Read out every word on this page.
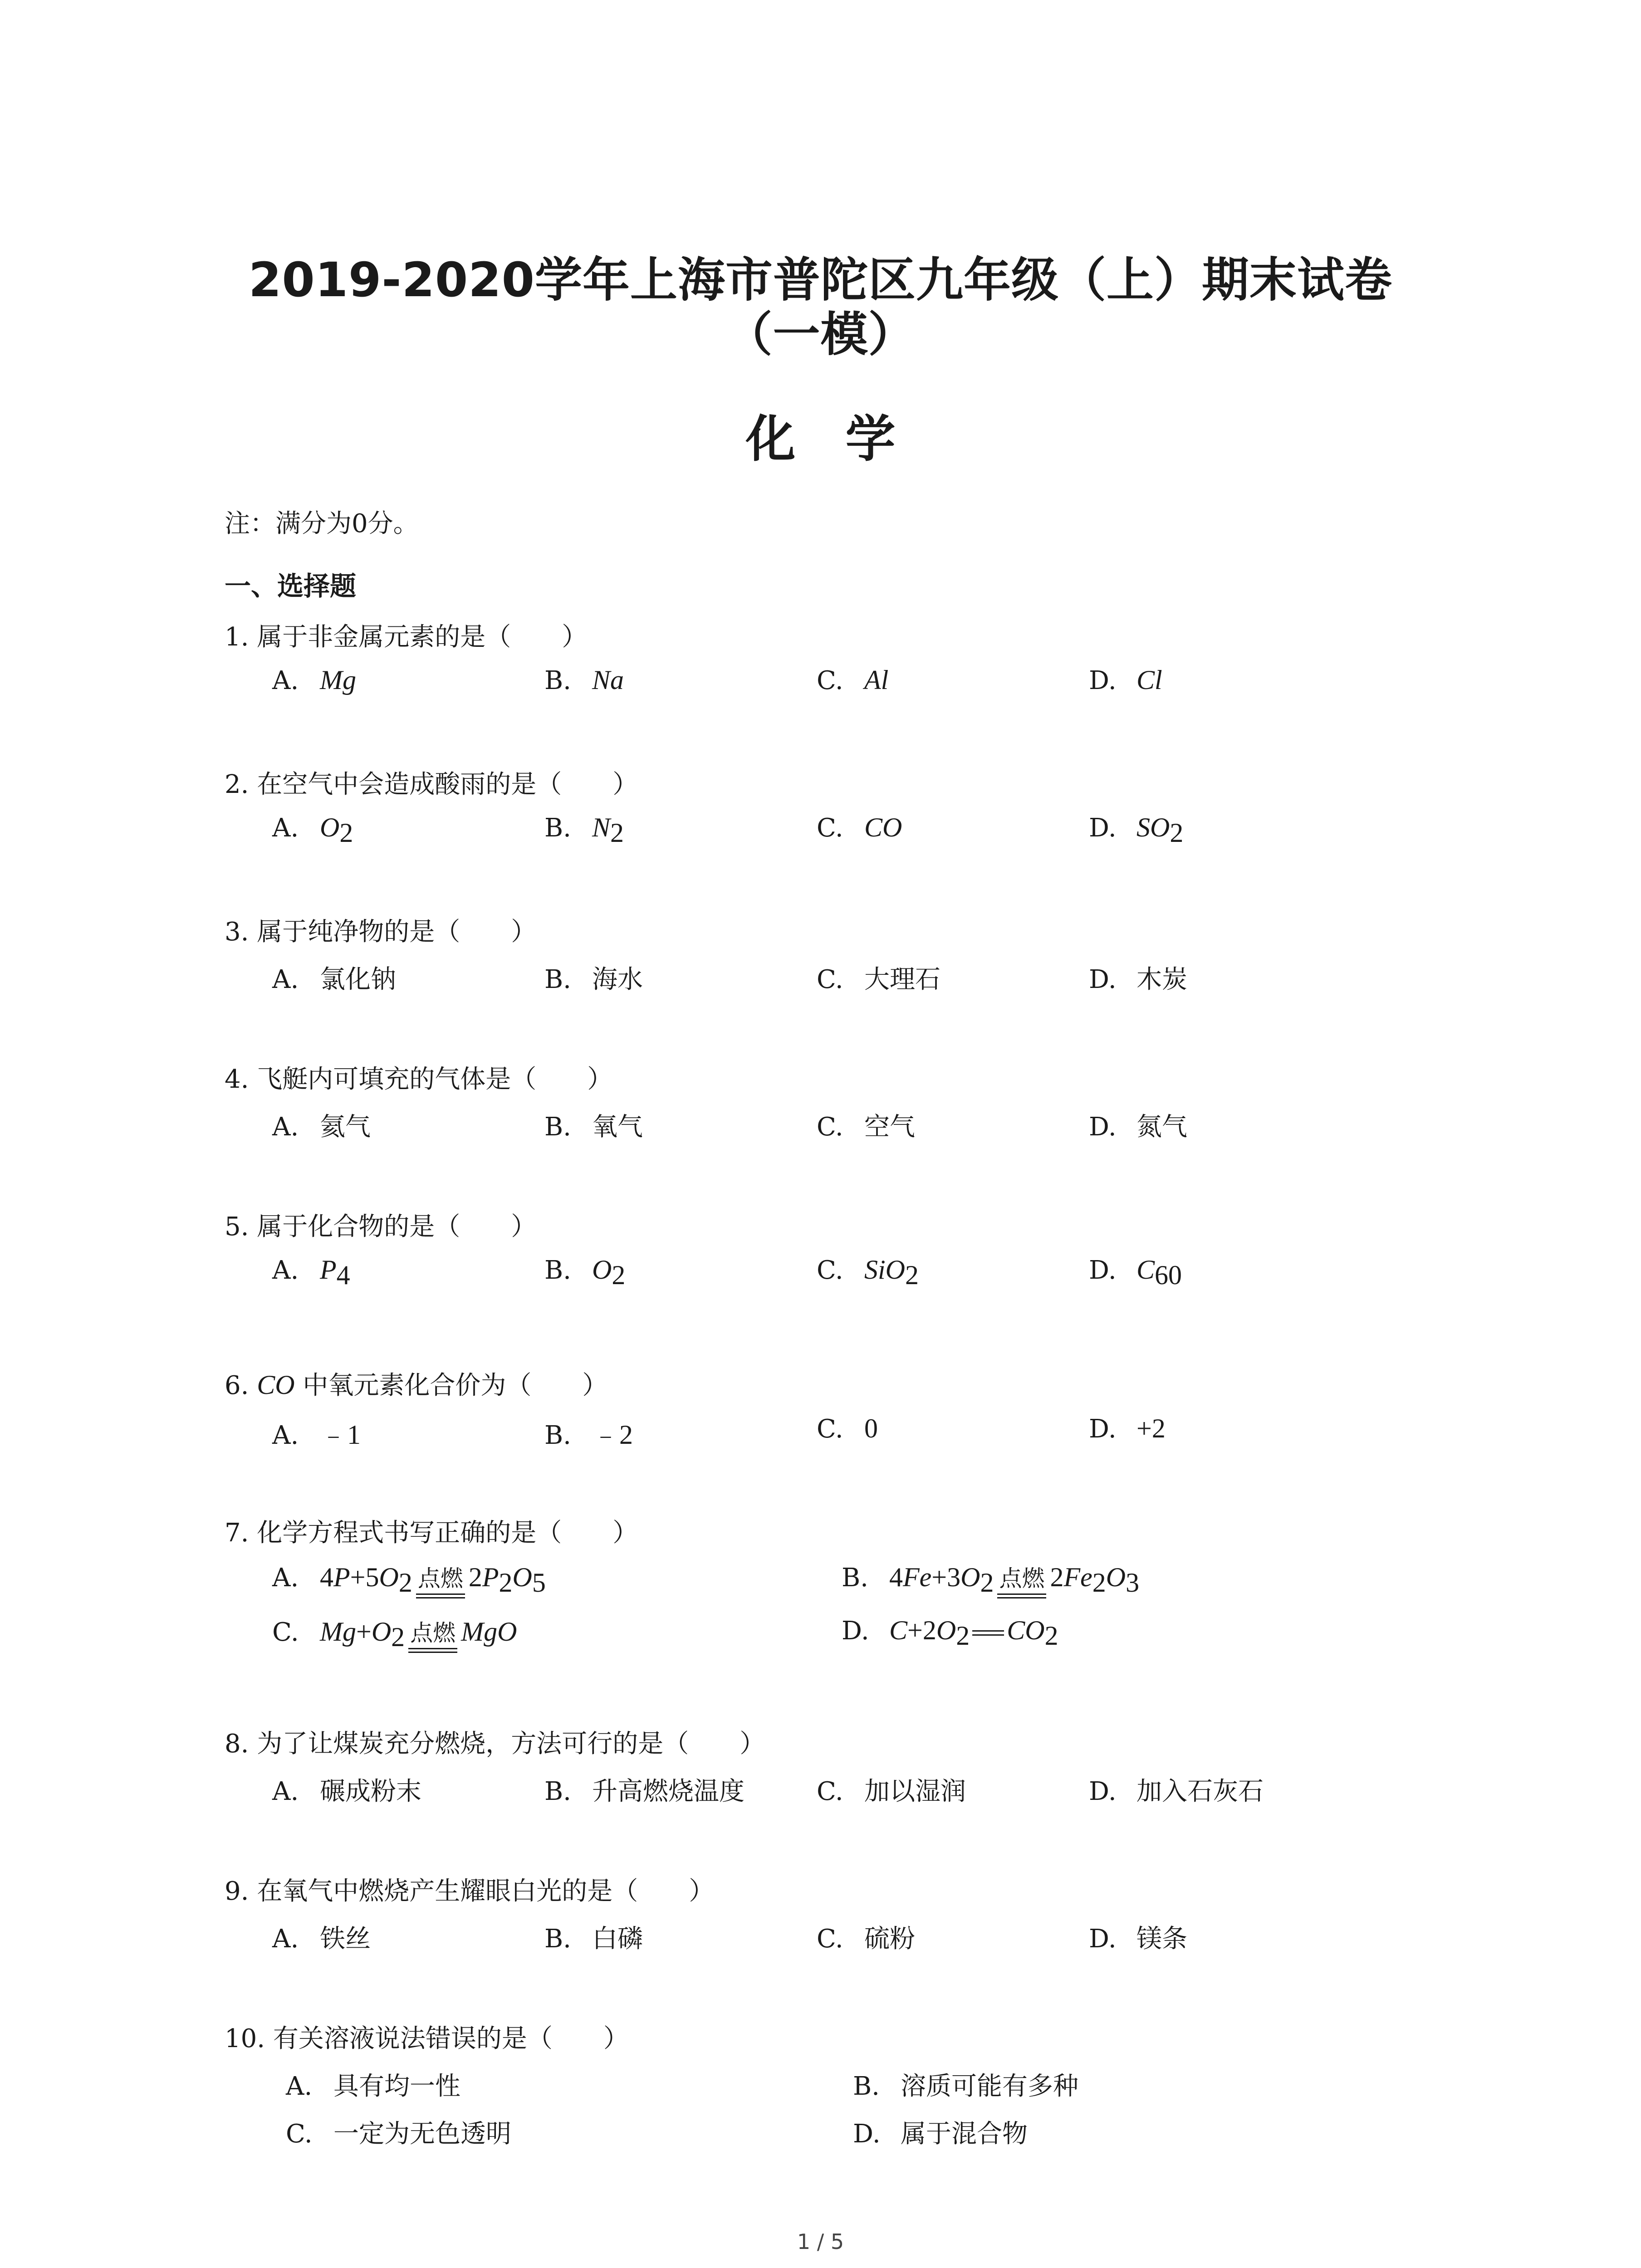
2019-2020学年上海市普陀区九年级（上）期末试卷
（一模）
化学
注：满分为0分。
一、选择题
1. 属于非金属元素的是（　　）
A. Mg	B. Na	C. Al	D. Cl
2. 在空气中会造成酸雨的是（　　）
A. $O_2$	B. $N_2$	C. CO	D. $SO_2$
3. 属于纯净物的是（　　）
A. 氯化钠	B. 海水	C. 大理石	D. 木炭
4. 飞艇内可填充的气体是（　　）
A. 氦气	B. 氧气	C. 空气	D. 氮气
5. 属于化合物的是（　　）
A. $P_4$	B. $O_2$	C. SiO$_2$	D. $C_{60}$
6. CO 中氧元素化合价为（　　）
A. ﹣1	B. ﹣2	C. 0	D. +2
7. 化学方程式书写正确的是（　　）
A. $4P+5O_2$ 点燃 $2P_2O_5$	B. $4Fe+3O_2$ 点燃 $2Fe_2O_3$
C. $Mg+O_2$ 点燃 MgO	D. $C+2O_2$ $CO_2$
8. 为了让煤炭充分燃烧，方法可行的是（　　）
A. 碾成粉末	B. 升高燃烧温度	C. 加以湿润	D. 加入石灰石
9. 在氧气中燃烧产生耀眼白光的是（　　）
A. 铁丝	B. 白磷	C. 硫粉	D. 镁条
10. 有关溶液说法错误的是（　　）
A. 具有均一性	B. 溶质可能有多种
C. 一定为无色透明	D. 属于混合物
1 / 5
